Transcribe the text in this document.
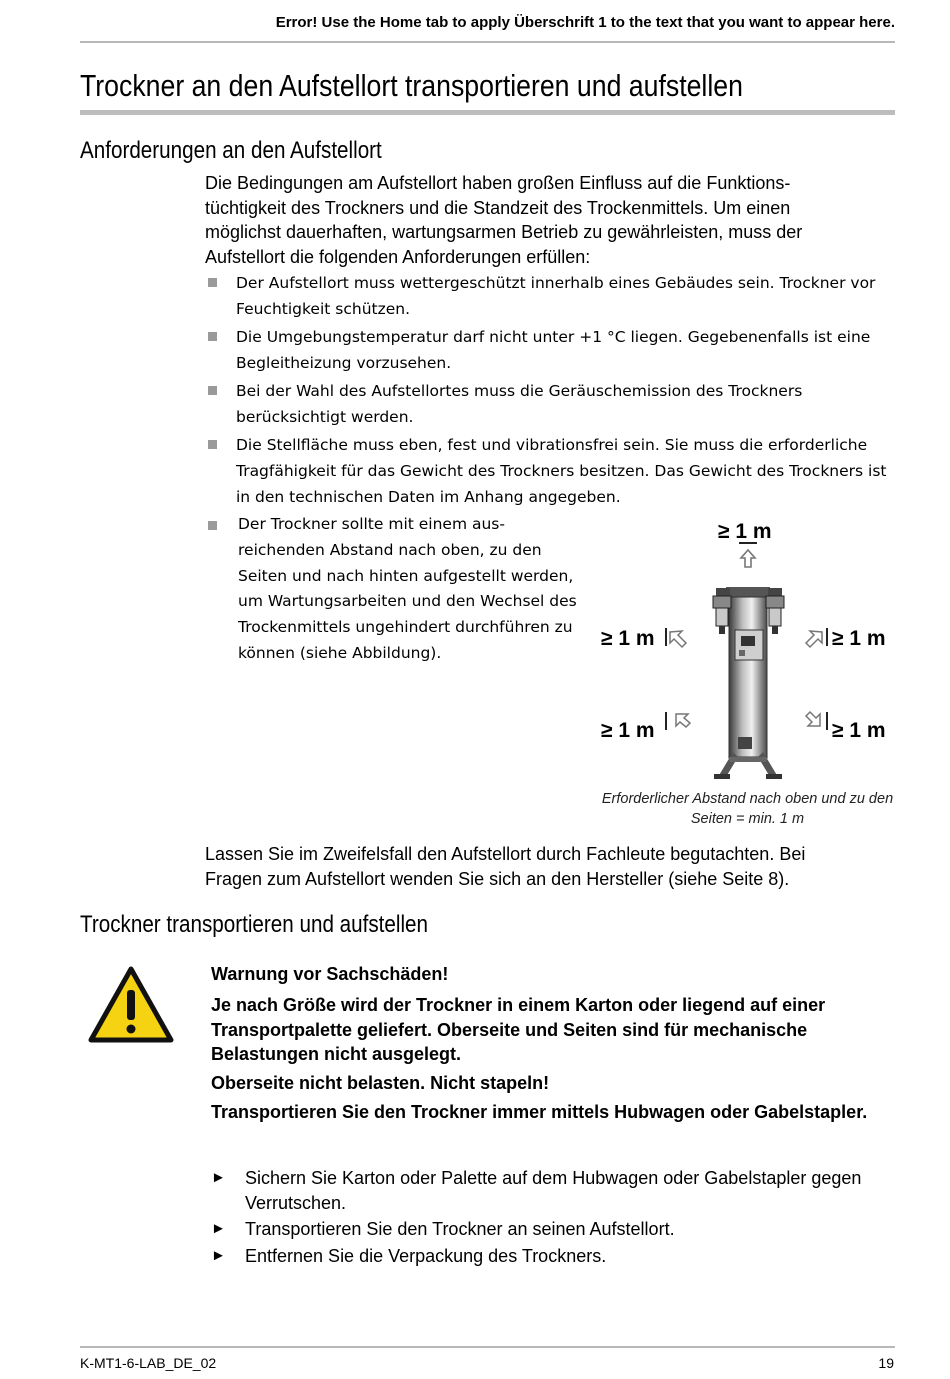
Error! Use the Home tab to apply Überschrift 1 to the text that you want to appear here.
Trockner an den Aufstellort transportieren und aufstellen
Anforderungen an den Aufstellort
Die Bedingungen am Aufstellort haben großen Einfluss auf die Funktionstüchtigkeit des Trockners und die Standzeit des Trockenmittels. Um einen möglichst dauerhaften, wartungsarmen Betrieb zu gewährleisten, muss der Aufstellort die folgenden Anforderungen erfüllen:
Der Aufstellort muss wettergeschützt innerhalb eines Gebäudes sein. Trockner vor Feuchtigkeit schützen.
Die Umgebungstemperatur darf nicht unter +1 °C liegen. Gegebenenfalls ist eine Begleitheizung vorzusehen.
Bei der Wahl des Aufstellortes muss die Geräuschemission des Trockners berücksichtigt werden.
Die Stellfläche muss eben, fest und vibrationsfrei sein. Sie muss die erforderliche Tragfähigkeit für das Gewicht des Trockners besitzen. Das Gewicht des Trockners ist in den technischen Daten im Anhang angegeben.
Der Trockner sollte mit einem ausreichenden Abstand nach oben, zu den Seiten und nach hinten aufgestellt werden, um Wartungsarbeiten und den Wechsel des Trockenmittels ungehindert durchführen zu können (siehe Abbildung).
≥ 1 m
≥ 1 m	≥ 1 m
≥ 1 m	≥ 1 m
Erforderlicher Abstand nach oben und zu den Seiten = min. 1 m
Lassen Sie im Zweifelsfall den Aufstellort durch Fachleute begutachten. Bei Fragen zum Aufstellort wenden Sie sich an den Hersteller (siehe Seite 8).
Trockner transportieren und aufstellen
Warnung vor Sachschäden!
Je nach Größe wird der Trockner in einem Karton oder liegend auf einer Transportpalette geliefert. Oberseite und Seiten sind für mechanische Belastungen nicht ausgelegt.
Oberseite nicht belasten. Nicht stapeln!
Transportieren Sie den Trockner immer mittels Hubwagen oder Gabelstapler.
► Sichern Sie Karton oder Palette auf dem Hubwagen oder Gabelstapler gegen Verrutschen.
► Transportieren Sie den Trockner an seinen Aufstellort.
► Entfernen Sie die Verpackung des Trockners.
K-MT1-6-LAB_DE_02	19
